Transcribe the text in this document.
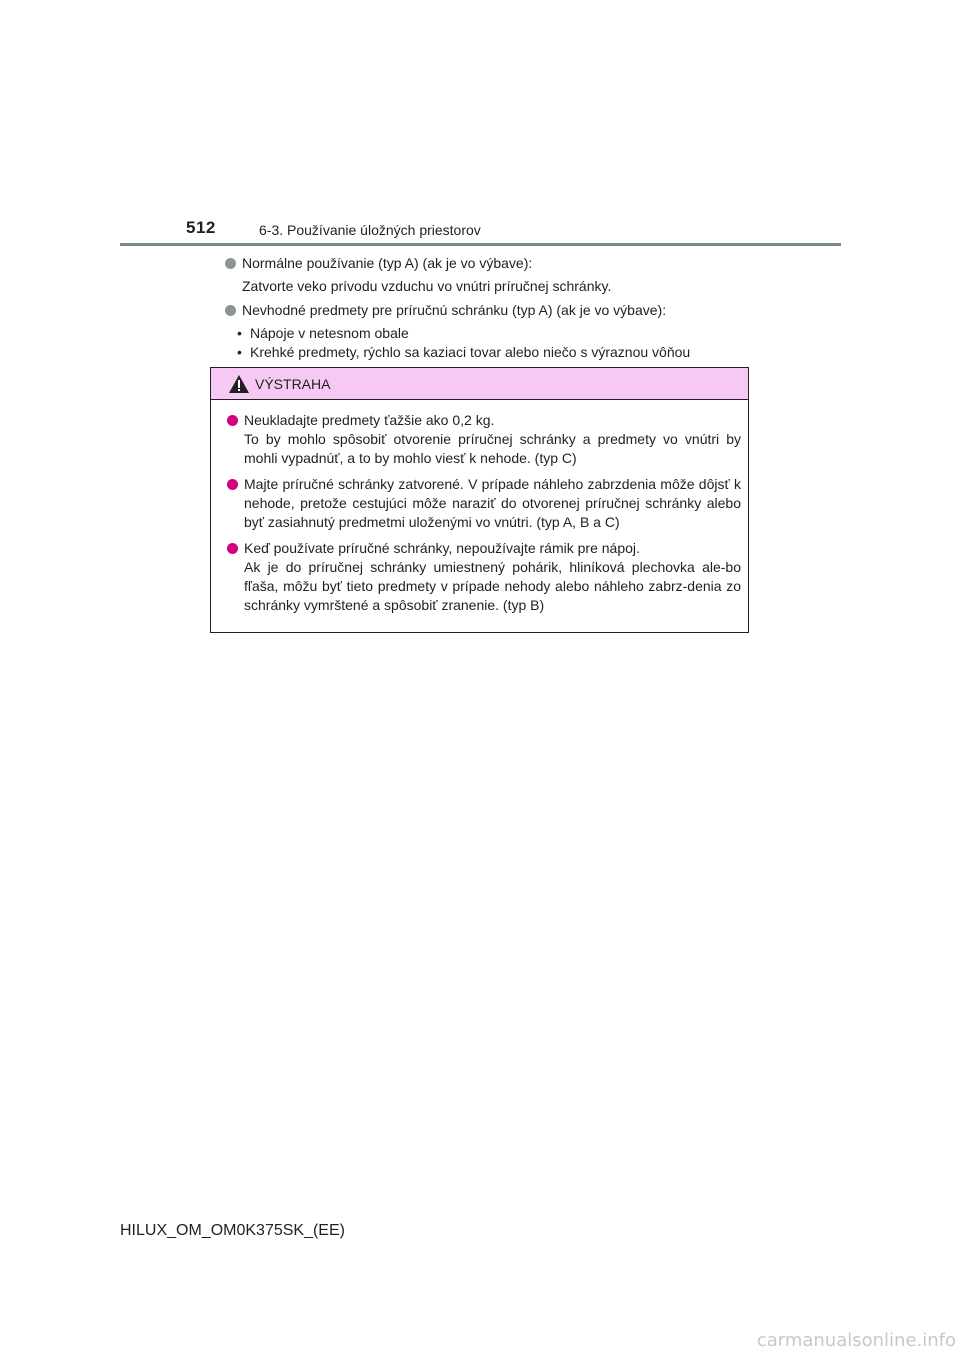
512	6-3. Používanie úložných priestorov
Normálne používanie (typ A) (ak je vo výbave):
Zatvorte veko prívodu vzduchu vo vnútri príručnej schránky.
Nevhodné predmety pre príručnú schránku (typ A) (ak je vo výbave):
• Nápoje v netesnom obale
• Krehké predmety, rýchlo sa kaziaci tovar alebo niečo s výraznou vôňou
VÝSTRAHA
Neukladajte predmety ťažšie ako 0,2 kg.
To by mohlo spôsobiť otvorenie príručnej schránky a predmety vo vnútri by mohli vypadnúť, a to by mohlo viesť k nehode. (typ C)
Majte príručné schránky zatvorené. V prípade náhleho zabrzdenia môže dôjsť k nehode, pretože cestujúci môže naraziť do otvorenej príručnej schránky alebo byť zasiahnutý predmetmi uloženými vo vnútri. (typ A, B a C)
Keď používate príručné schránky, nepoužívajte rámik pre nápoj.
Ak je do príručnej schránky umiestnený pohárik, hliníková plechovka ale-bo fľaša, môžu byť tieto predmety v prípade nehody alebo náhleho zabrz-denia zo schránky vymrštené a spôsobiť zranenie. (typ B)
HILUX_OM_OM0K375SK_(EE)
carmanualsonline.info
